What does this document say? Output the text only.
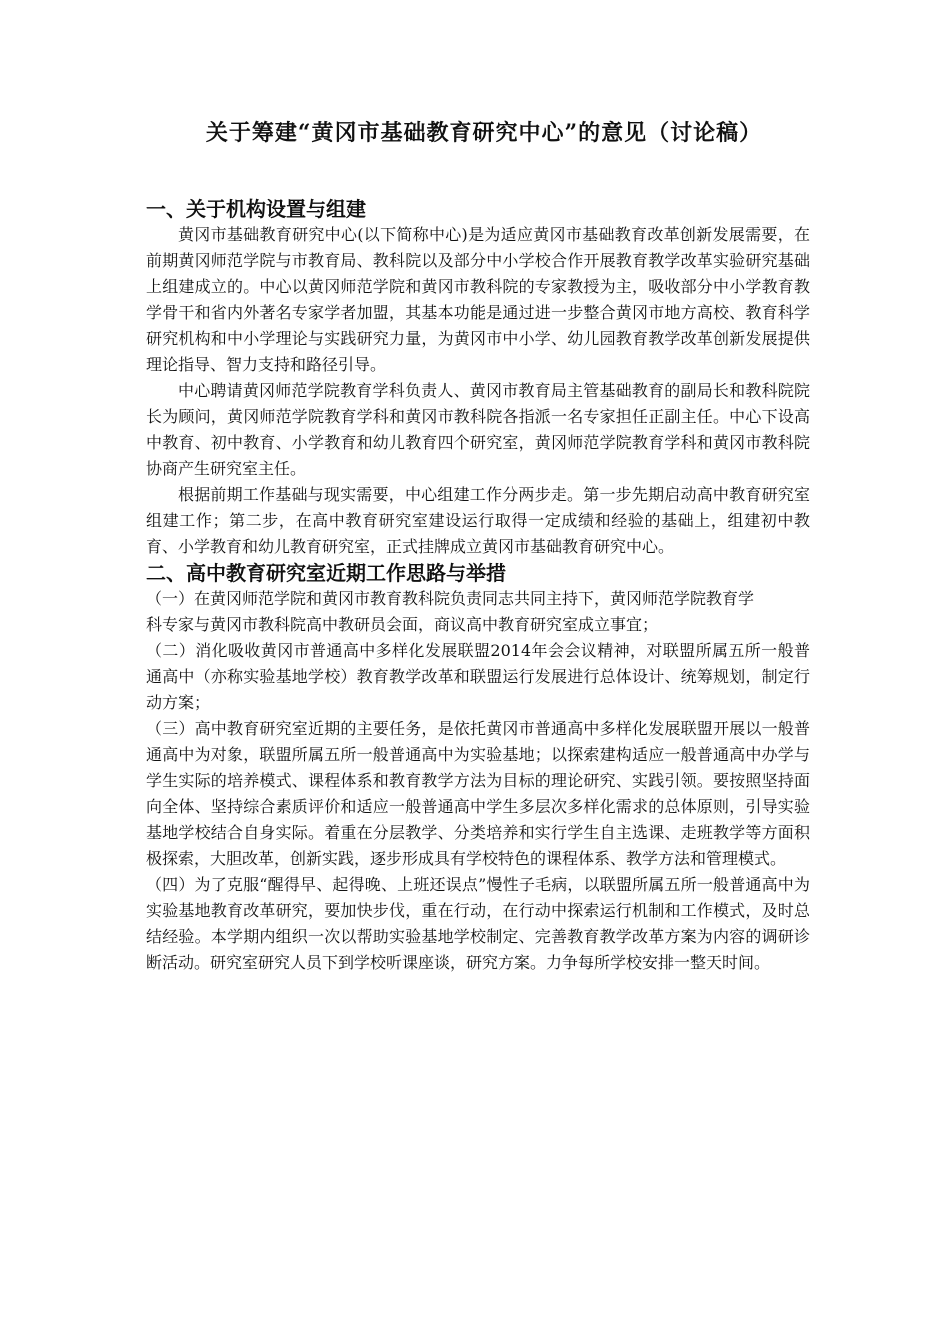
关于筹建“黄冈市基础教育研究中心”的意见（讨论稿）
一、关于机构设置与组建

黄冈市基础教育研究中心(以下简称中心)是为适应黄冈市基础教育改革创新发展需要，在前期黄冈师范学院与市教育局、教科院以及部分中小学校合作开展教育教学改革实验研究基础上组建成立的。中心以黄冈师范学院和黄冈市教科院的专家教授为主，吸收部分中小学教育教学骨干和省内外著名专家学者加盟，其基本功能是通过进一步整合黄冈市地方高校、教育科学研究机构和中小学理论与实践研究力量，为黄冈市中小学、幼儿园教育教学改革创新发展提供理论指导、智力支持和路径引导。

中心聘请黄冈师范学院教育学科负责人、黄冈市教育局主管基础教育的副局长和教科院院长为顾问，黄冈师范学院教育学科和黄冈市教科院各指派一名专家担任正副主任。中心下设高中教育、初中教育、小学教育和幼儿教育四个研究室，黄冈师范学院教育学科和黄冈市教科院协商产生研究室主任。

根据前期工作基础与现实需要，中心组建工作分两步走。第一步先期启动高中教育研究室组建工作；第二步，在高中教育研究室建设运行取得一定成绩和经验的基础上，组建初中教育、小学教育和幼儿教育研究室，正式挂牌成立黄冈市基础教育研究中心。

二、高中教育研究室近期工作思路与举措

（一）在黄冈师范学院和黄冈市教育教科院负责同志共同主持下，黄冈师范学院教育学

科专家与黄冈市教科院高中教研员会面，商议高中教育研究室成立事宜；

（二）消化吸收黄冈市普通高中多样化发展联盟2014年会会议精神，对联盟所属五所一般普通高中（亦称实验基地学校）教育教学改革和联盟运行发展进行总体设计、统筹规划，制定行动方案；

（三）高中教育研究室近期的主要任务，是依托黄冈市普通高中多样化发展联盟开展以一般普通高中为对象，联盟所属五所一般普通高中为实验基地；以探索建构适应一般普通高中办学与学生实际的培养模式、课程体系和教育教学方法为目标的理论研究、实践引领。要按照坚持面向全体、坚持综合素质评价和适应一般普通高中学生多层次多样化需求的总体原则，引导实验基地学校结合自身实际。着重在分层教学、分类培养和实行学生自主选课、走班教学等方面积极探索，大胆改革，创新实践，逐步形成具有学校特色的课程体系、教学方法和管理模式。

（四）为了克服“醒得早、起得晚、上班还误点”慢性子毛病，以联盟所属五所一般普通高中为实验基地教育改革研究，要加快步伐，重在行动，在行动中探索运行机制和工作模式，及时总结经验。本学期内组织一次以帮助实验基地学校制定、完善教育教学改革方案为内容的调研诊断活动。研究室研究人员下到学校听课座谈，研究方案。力争每所学校安排一整天时间。
